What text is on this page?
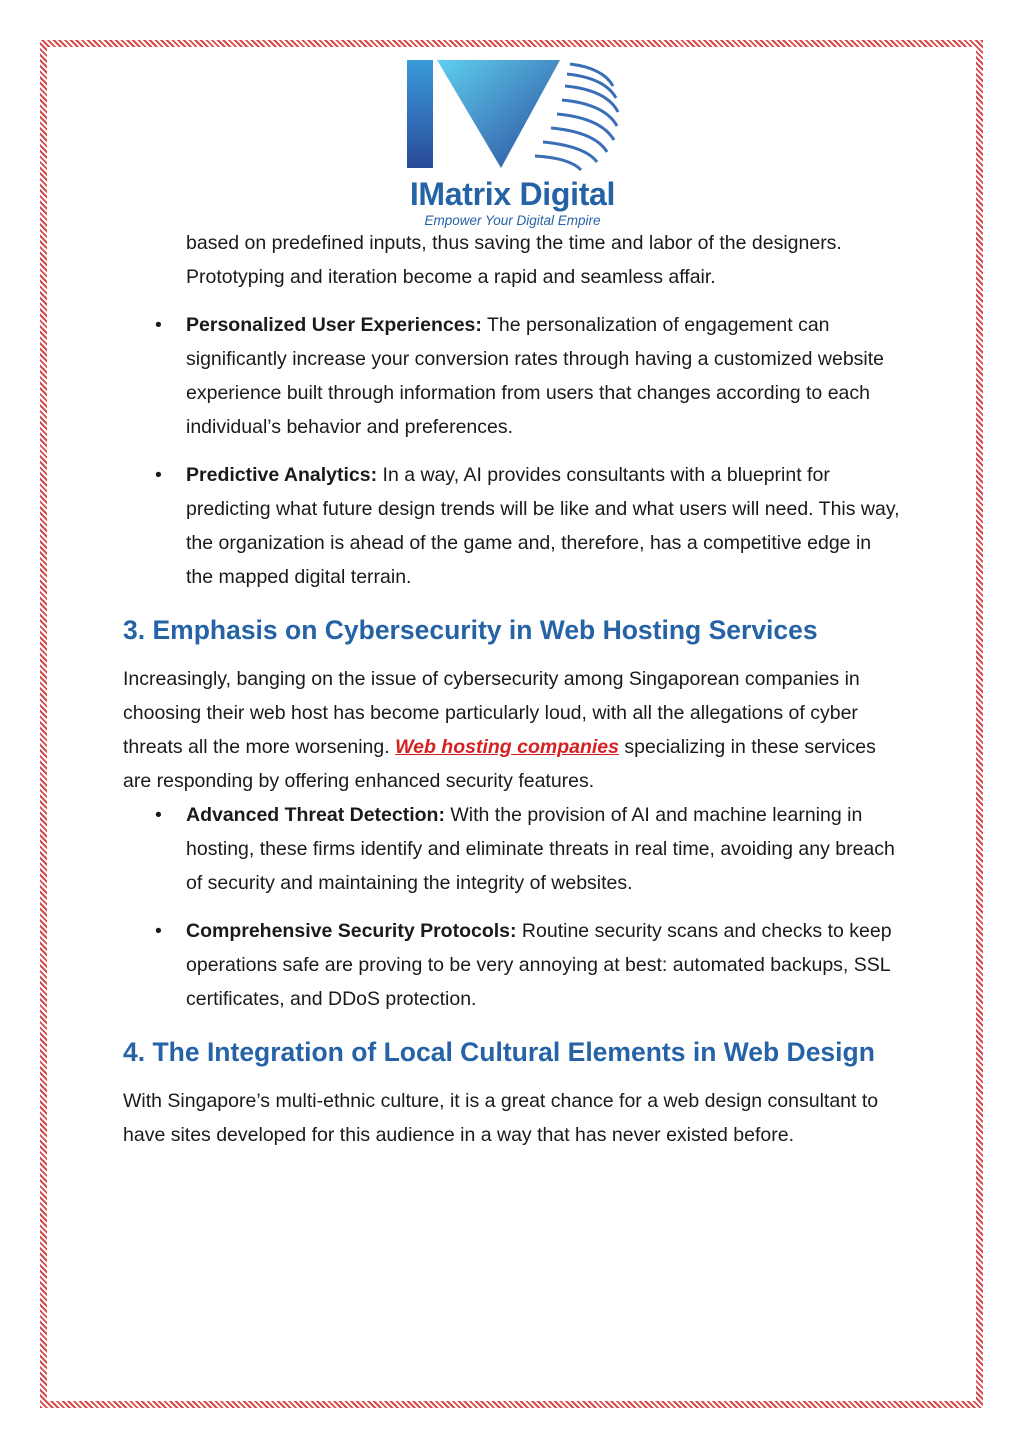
IMatrix Digital
Empower Your Digital Empire

based on predefined inputs, thus saving the time and labor of the designers. Prototyping and iteration become a rapid and seamless affair.

• Personalized User Experiences: The personalization of engagement can significantly increase your conversion rates through having a customized website experience built through information from users that changes according to each individual’s behavior and preferences.
• Predictive Analytics: In a way, AI provides consultants with a blueprint for predicting what future design trends will be like and what users will need. This way, the organization is ahead of the game and, therefore, has a competitive edge in the mapped digital terrain.
3. Emphasis on Cybersecurity in Web Hosting Services

Increasingly, banging on the issue of cybersecurity among Singaporean companies in choosing their web host has become particularly loud, with all the allegations of cyber threats all the more worsening. Web hosting companies specializing in these services are responding by offering enhanced security features.

• Advanced Threat Detection: With the provision of AI and machine learning in hosting, these firms identify and eliminate threats in real time, avoiding any breach of security and maintaining the integrity of websites.
• Comprehensive Security Protocols: Routine security scans and checks to keep operations safe are proving to be very annoying at best: automated backups, SSL certificates, and DDoS protection.
4. The Integration of Local Cultural Elements in Web Design

With Singapore’s multi-ethnic culture, it is a great chance for a web design consultant to have sites developed for this audience in a way that has never existed before.
